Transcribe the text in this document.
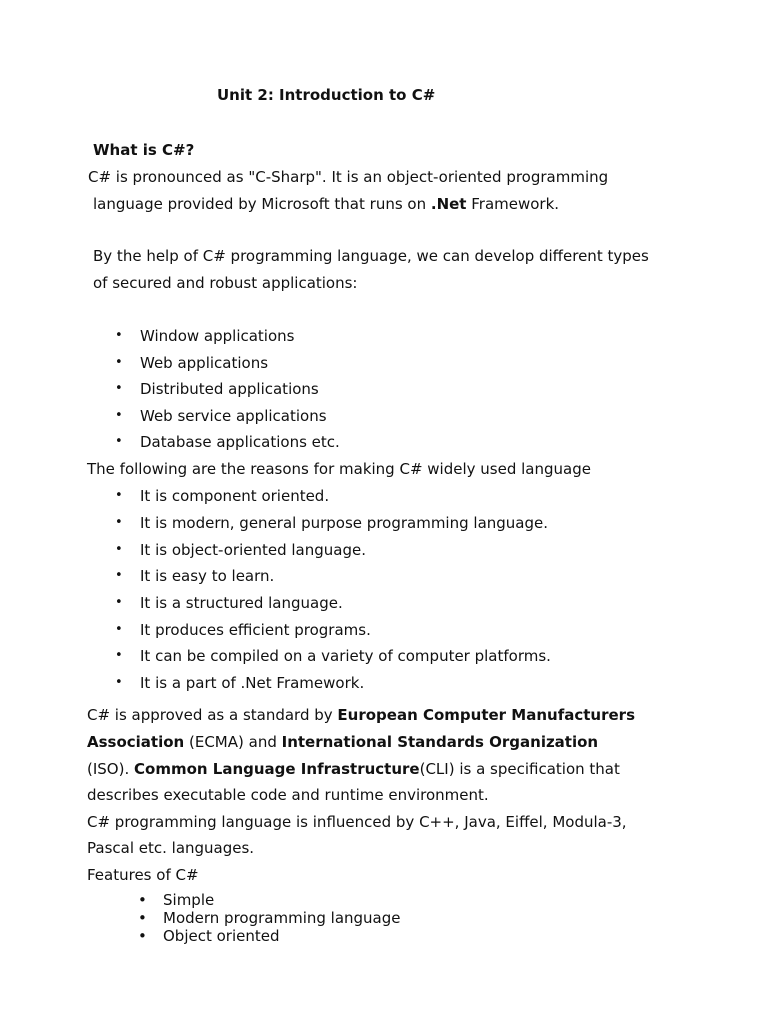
Unit 2: Introduction to C#
What is C#?
C# is pronounced as "C-Sharp". It is an object-oriented programming
language provided by Microsoft that runs on .Net Framework.
By the help of C# programming language, we can develop different types
of secured and robust applications:
• Window applications
• Web applications
• Distributed applications
• Web service applications
• Database applications etc.
The following are the reasons for making C# widely used language
• It is component oriented.
• It is modern, general purpose programming language.
• It is object-oriented language.
• It is easy to learn.
• It is a structured language.
• It produces efficient programs.
• It can be compiled on a variety of computer platforms.
• It is a part of .Net Framework.
C# is approved as a standard by European Computer Manufacturers
Association (ECMA) and International Standards Organization
(ISO). Common Language Infrastructure(CLI) is a specification that
describes executable code and runtime environment.
C# programming language is influenced by C++, Java, Eiffel, Modula-3,
Pascal etc. languages.
Features of C#
• Simple
• Modern programming language
• Object oriented
